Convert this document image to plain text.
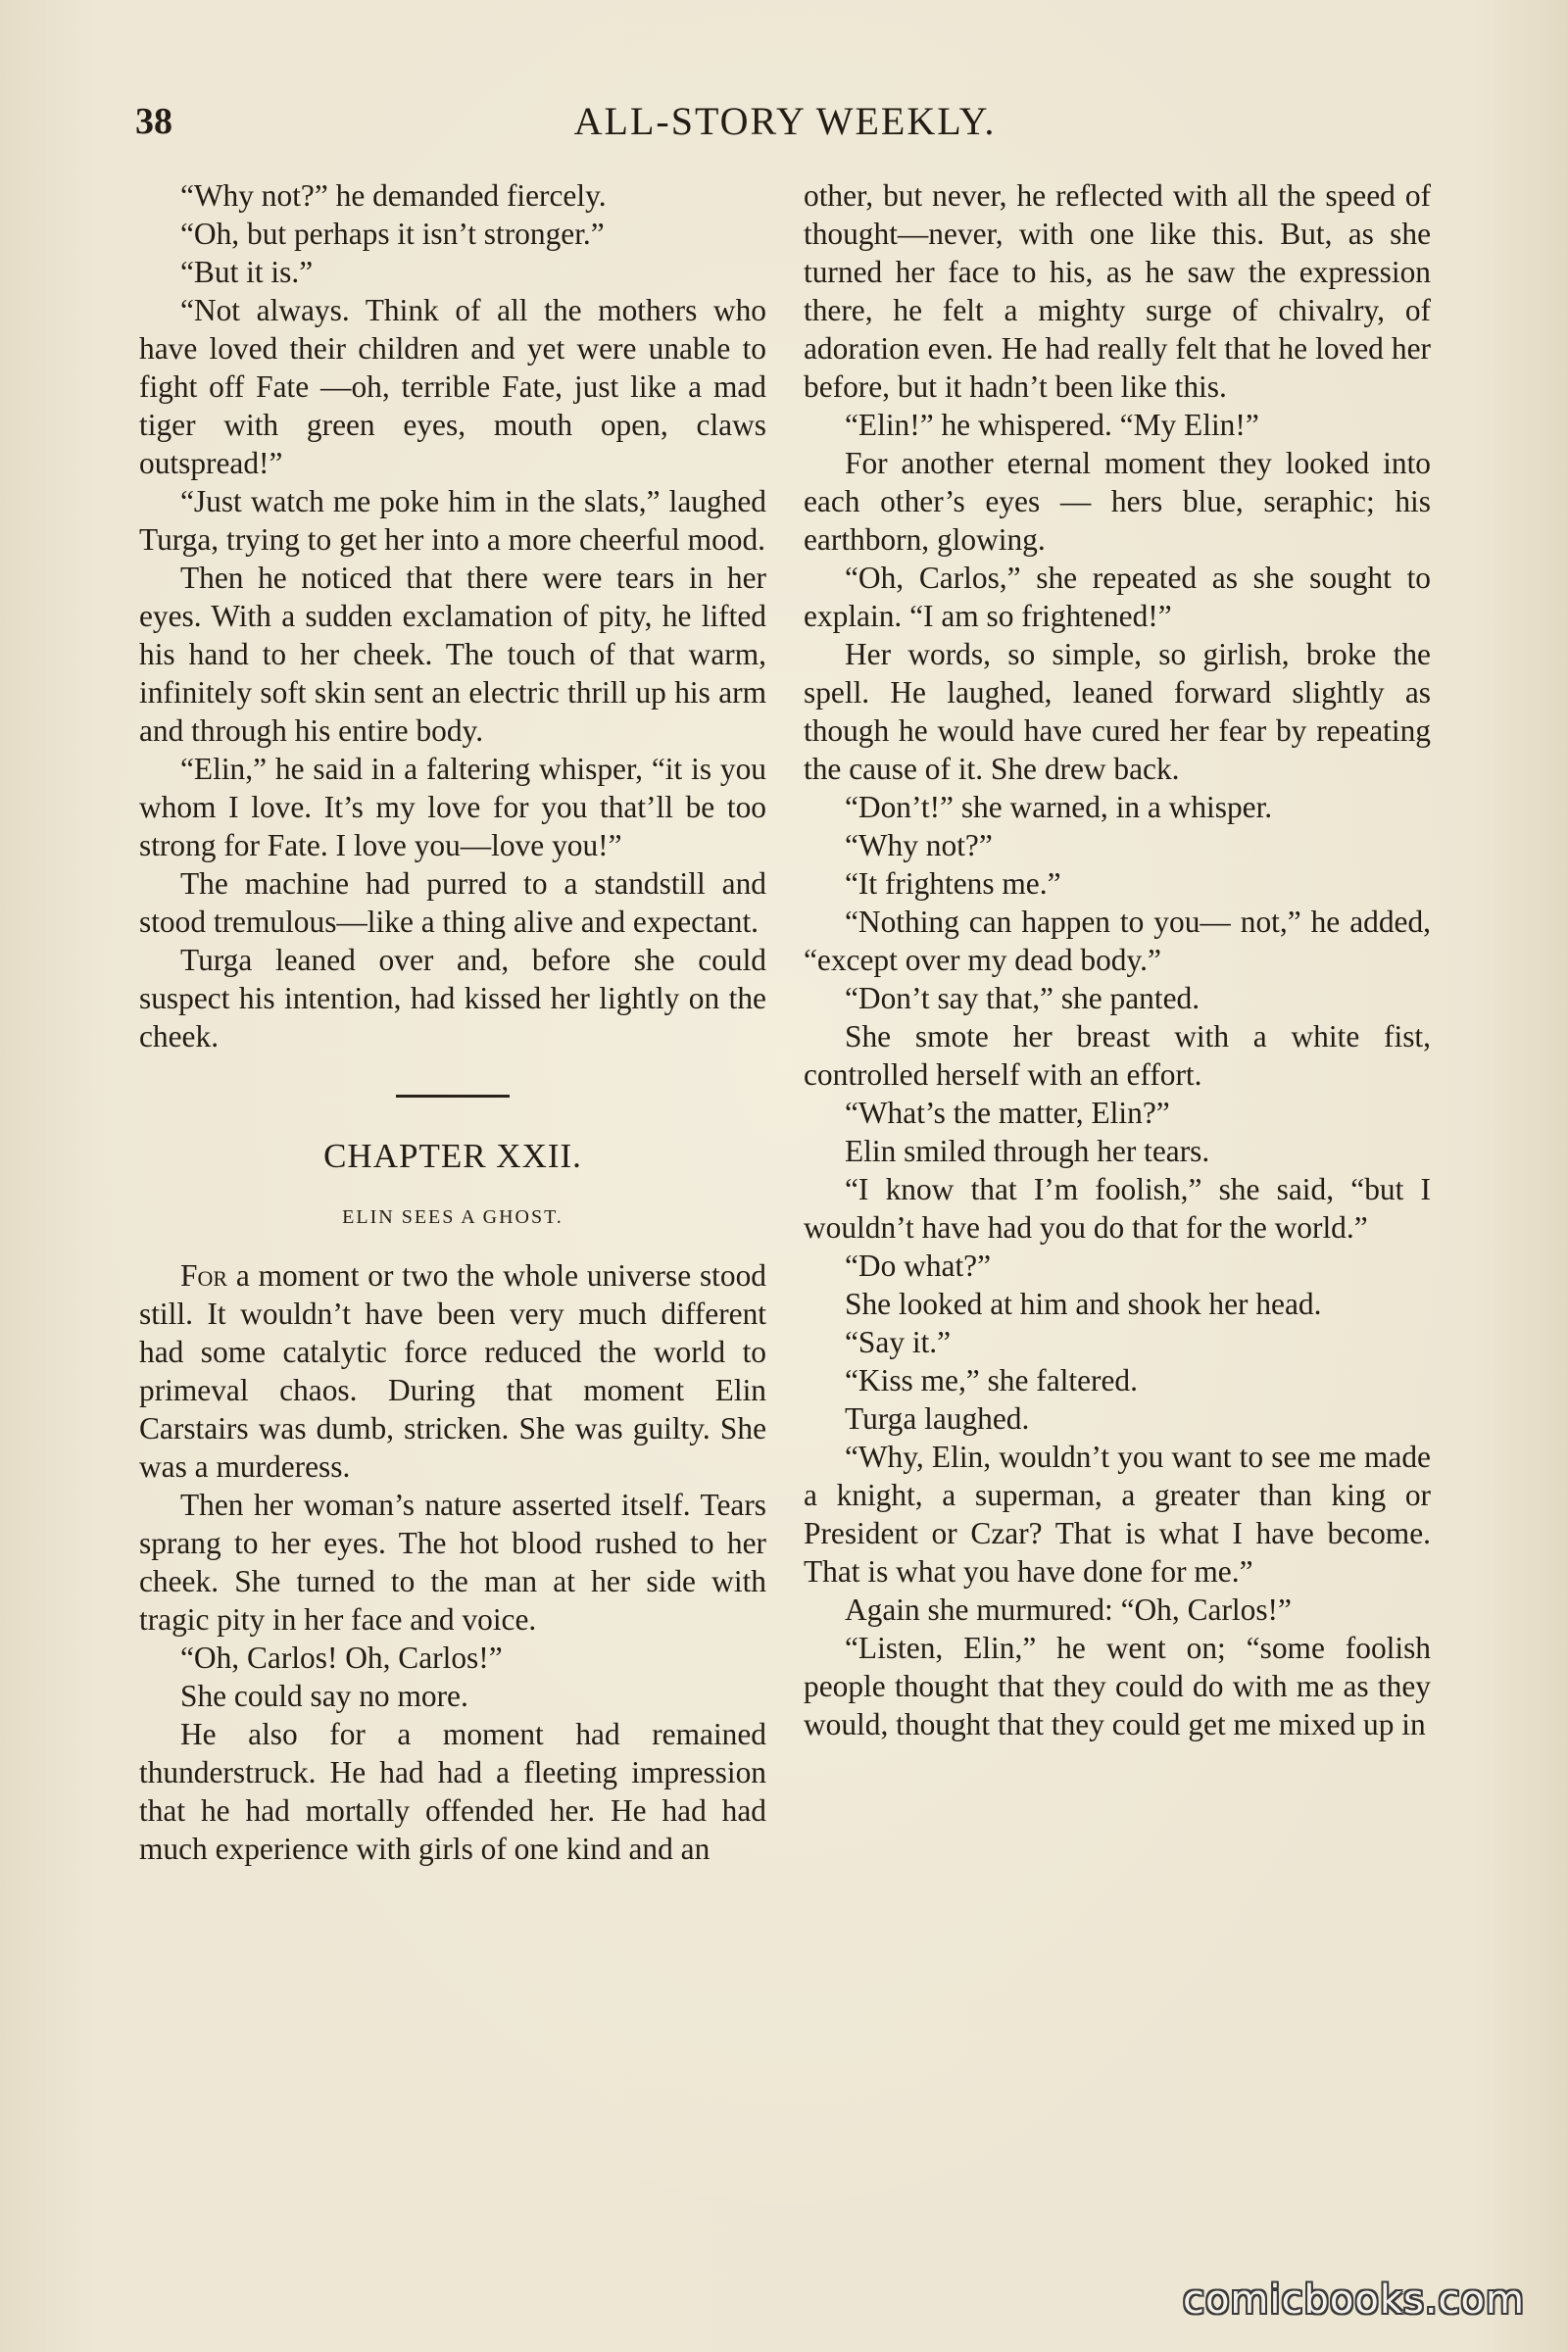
38	ALL-STORY WEEKLY.

“Why not?” he demanded fiercely.

“Oh, but perhaps it isn’t stronger.”

“But it is.”

“Not always. Think of all the mothers who have loved their children and yet were unable to fight off Fate —oh, terrible Fate, just like a mad tiger with green eyes, mouth open, claws outspread!”

“Just watch me poke him in the slats,” laughed Turga, trying to get her into a more cheerful mood.

Then he noticed that there were tears in her eyes. With a sudden exclamation of pity, he lifted his hand to her cheek. The touch of that warm, infinitely soft skin sent an electric thrill up his arm and through his entire body.

“Elin,” he said in a faltering whisper, “it is you whom I love. It’s my love for you that’ll be too strong for Fate. I love you—love you!”

The machine had purred to a standstill and stood tremulous—like a thing alive and expectant.

Turga leaned over and, before she could suspect his intention, had kissed her lightly on the cheek.

CHAPTER XXII.
ELIN SEES A GHOST.

For a moment or two the whole universe stood still. It wouldn’t have been very much different had some catalytic force reduced the world to primeval chaos. During that moment Elin Carstairs was dumb, stricken. She was guilty. She was a murderess.

Then her woman’s nature asserted itself. Tears sprang to her eyes. The hot blood rushed to her cheek. She turned to the man at her side with tragic pity in her face and voice.

“Oh, Carlos! Oh, Carlos!”

She could say no more.

He also for a moment had remained thunderstruck. He had had a fleeting impression that he had mortally offended her. He had had much experience with girls of one kind and an

other, but never, he reflected with all the speed of thought—never, with one like this. But, as she turned her face to his, as he saw the expression there, he felt a mighty surge of chivalry, of adoration even. He had really felt that he loved her before, but it hadn’t been like this.

“Elin!” he whispered. “My Elin!”

For another eternal moment they looked into each other’s eyes — hers blue, seraphic; his earthborn, glowing.

“Oh, Carlos,” she repeated as she sought to explain. “I am so frightened!”

Her words, so simple, so girlish, broke the spell. He laughed, leaned forward slightly as though he would have cured her fear by repeating the cause of it. She drew back.

“Don’t!” she warned, in a whisper.

“Why not?”

“It frightens me.”

“Nothing can happen to you— not,” he added, “except over my dead body.”

“Don’t say that,” she panted.

She smote her breast with a white fist, controlled herself with an effort.

“What’s the matter, Elin?”

Elin smiled through her tears.

“I know that I’m foolish,” she said, “but I wouldn’t have had you do that for the world.”

“Do what?”

She looked at him and shook her head.

“Say it.”

“Kiss me,” she faltered.

Turga laughed.

“Why, Elin, wouldn’t you want to see me made a knight, a superman, a greater than king or President or Czar? That is what I have become. That is what you have done for me.”

Again she murmured: “Oh, Carlos!”

“Listen, Elin,” he went on; “some foolish people thought that they could do with me as they would, thought that they could get me mixed up in

comicbooks.com
